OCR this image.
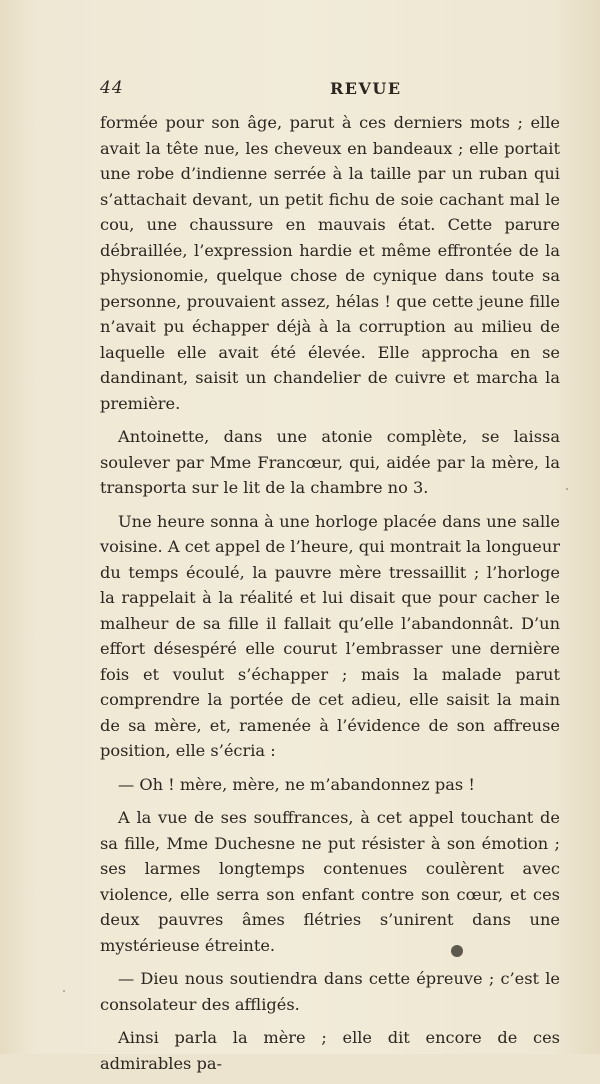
44	REVUE

formée pour son âge, parut à ces derniers mots ; elle avait la tête nue, les cheveux en bandeaux ; elle portait une robe d’indienne serrée à la taille par un ruban qui s’attachait devant, un petit fichu de soie cachant mal le cou, une chaussure en mauvais état. Cette parure débraillée, l’expression hardie et même effrontée de la physionomie, quelque chose de cynique dans toute sa personne, prouvaient assez, hélas ! que cette jeune fille n’avait pu échapper déjà à la corruption au milieu de laquelle elle avait été élevée. Elle approcha en se dandinant, saisit un chandelier de cuivre et marcha la première.

Antoinette, dans une atonie complète, se laissa soulever par Mme Francœur, qui, aidée par la mère, la transporta sur le lit de la chambre no 3.

Une heure sonna à une horloge placée dans une salle voisine. A cet appel de l’heure, qui montrait la longueur du temps écoulé, la pauvre mère tressaillit ; l’horloge la rappelait à la réalité et lui disait que pour cacher le malheur de sa fille il fallait qu’elle l’abandonnât. D’un effort désespéré elle courut l’embrasser une dernière fois et voulut s’échapper ; mais la malade parut comprendre la portée de cet adieu, elle saisit la main de sa mère, et, ramenée à l’évidence de son affreuse position, elle s’écria :

— Oh ! mère, mère, ne m’abandonnez pas !

A la vue de ses souffrances, à cet appel touchant de sa fille, Mme Duchesne ne put résister à son émotion ; ses larmes longtemps contenues coulèrent avec violence, elle serra son enfant contre son cœur, et ces deux pauvres âmes flétries s’unirent dans une mystérieuse étreinte.

— Dieu nous soutiendra dans cette épreuve ; c’est le consolateur des affligés.

Ainsi parla la mère ; elle dit encore de ces admirables pa-
